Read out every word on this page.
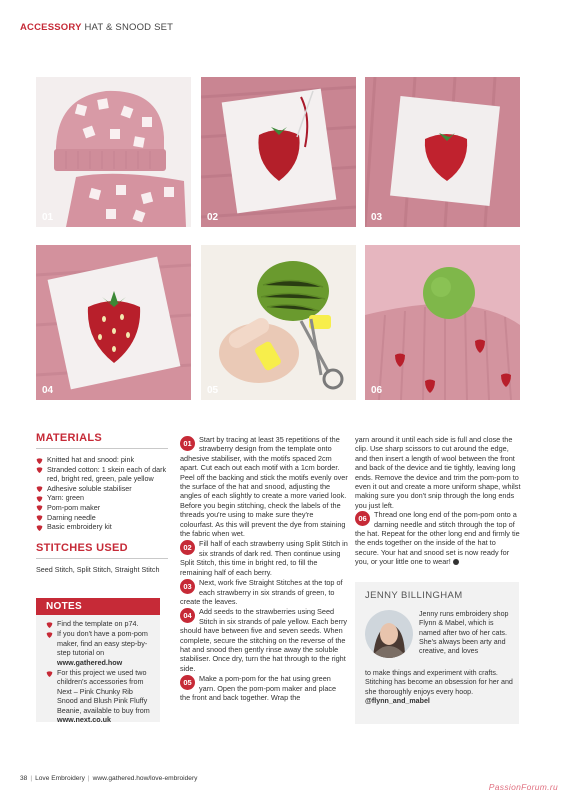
ACCESSORY HAT & SNOOD SET
01	02	03
04	05	06
MATERIALS
Knitted hat and snood: pink
Stranded cotton: 1 skein each of dark red, bright red, green, pale yellow
Adhesive soluble stabiliser
Yarn: green
Pom-pom maker
Darning needle
Basic embroidery kit
STITCHES USED
Seed Stitch, Split Stitch, Straight Stitch
NOTES
Find the template on p74.
If you don't have a pom-pom maker, find an easy step-by-step tutorial on www.gathered.how
For this project we used two children's accessories from Next – Pink Chunky Rib Snood and Blush Pink Fluffy Beanie, available to buy from www.next.co.uk
01	Start by tracing at least 35 repetitions of the strawberry design from the template onto adhesive stabiliser, with the motifs spaced 2cm apart. Cut each out each motif with a 1cm border. Peel off the backing and stick the motifs evenly over the surface of the hat and snood, adjusting the angles of each slightly to create a more varied look. Before you begin stitching, check the labels of the threads you're using to make sure they're colourfast. As this will prevent the dye from staining the fabric when wet.
02	Fill half of each strawberry using Split Stitch in six strands of dark red. Then continue using Split Stitch, this time in bright red, to fill the remaining half of each berry.
03	Next, work five Straight Stitches at the top of each strawberry in six strands of green, to create the leaves.
04	Add seeds to the strawberries using Seed Stitch in six strands of pale yellow. Each berry should have between five and seven seeds. When complete, secure the stitching on the reverse of the hat and snood then gently rinse away the soluble stabiliser. Once dry, turn the hat through to the right side.
05	Make a pom-pom for the hat using green yarn. Open the pom-pom maker and place the front and back together. Wrap the
yarn around it until each side is full and close the clip. Use sharp scissors to cut around the edge, and then insert a length of wool between the front and back of the device and tie tightly, leaving long ends. Remove the device and trim the pom-pom to even it out and create a more uniform shape, whilst making sure you don't snip through the long ends you just left.
06	Thread one long end of the pom-pom onto a darning needle and stitch through the top of the hat. Repeat for the other long end and firmly tie the ends together on the inside of the hat to secure. Your hat and snood set is now ready for you, or your little one to wear!
JENNY BILLINGHAM
Jenny runs embroidery shop Flynn & Mabel, which is named after two of her cats. She's always been arty and creative, and loves
to make things and experiment with crafts. Stitching has become an obsession for her and she thoroughly enjoys every hoop.
@flynn_and_mabel
38 | Love Embroidery | www.gathered.how/love-embroidery
PassionForum.ru
